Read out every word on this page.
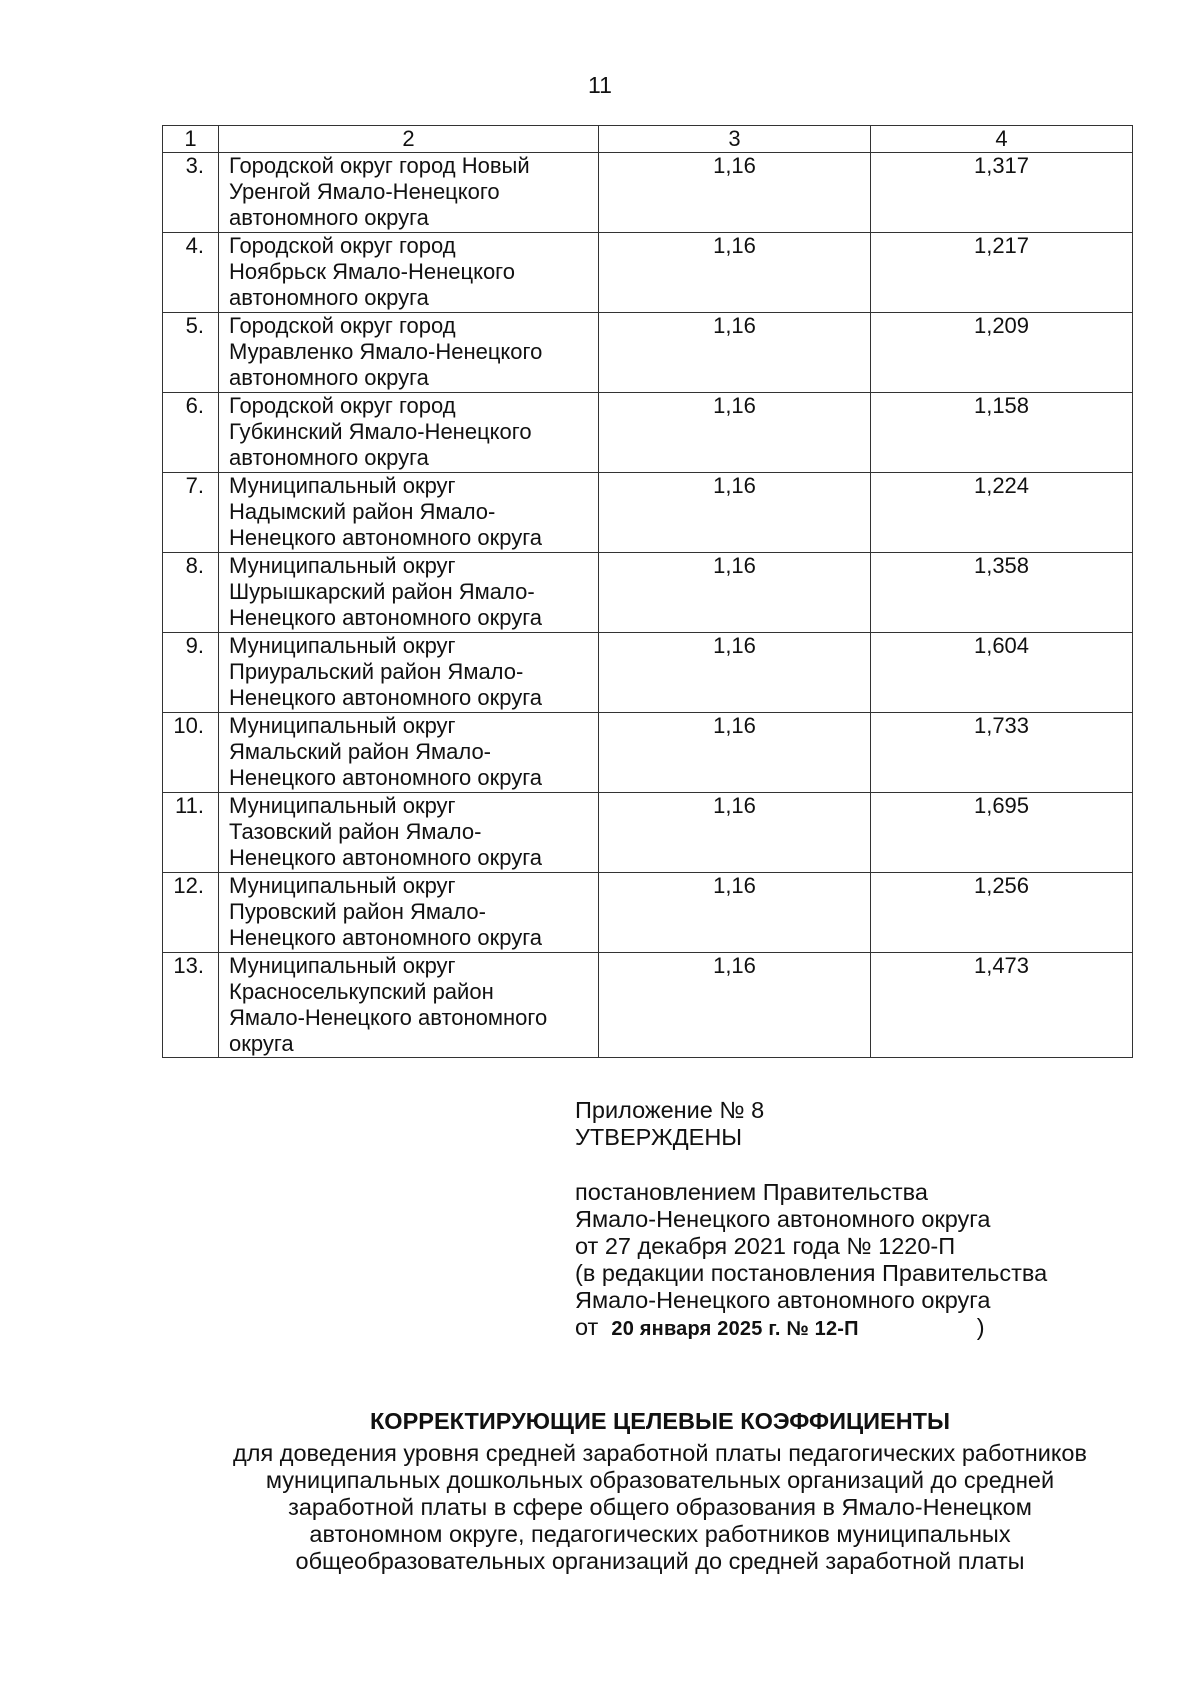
11
1	2	3	4
3.	Городской округ город Новый
Уренгой Ямало-Ненецкого
автономного округа	1,16	1,317
4.	Городской округ город
Ноябрьск Ямало-Ненецкого
автономного округа	1,16	1,217
5.	Городской округ город
Муравленко Ямало-Ненецкого
автономного округа	1,16	1,209
6.	Городской округ город
Губкинский Ямало-Ненецкого
автономного округа	1,16	1,158
7.	Муниципальный округ
Надымский район Ямало-
Ненецкого автономного округа	1,16	1,224
8.	Муниципальный округ
Шурышкарский район Ямало-
Ненецкого автономного округа	1,16	1,358
9.	Муниципальный округ
Приуральский район Ямало-
Ненецкого автономного округа	1,16	1,604
10.	Муниципальный округ
Ямальский район Ямало-
Ненецкого автономного округа	1,16	1,733
11.	Муниципальный округ
Тазовский район Ямало-
Ненецкого автономного округа	1,16	1,695
12.	Муниципальный округ
Пуровский район Ямало-
Ненецкого автономного округа	1,16	1,256
13.	Муниципальный округ
Красноселькупский район
Ямало-Ненецкого автономного
округа	1,16	1,473
Приложение № 8
УТВЕРЖДЕНЫ
постановлением Правительства
Ямало-Ненецкого автономного округа
от 27 декабря 2021 года № 1220-П
(в редакции постановления Правительства
Ямало-Ненецкого автономного округа
от 20 января 2025 г. № 12-П	)
КОРРЕКТИРУЮЩИЕ ЦЕЛЕВЫЕ КОЭФФИЦИЕНТЫ
для доведения уровня средней заработной платы педагогических работников
муниципальных дошкольных образовательных организаций до средней
заработной платы в сфере общего образования в Ямало-Ненецком
автономном округе, педагогических работников муниципальных
общеобразовательных организаций до средней заработной платы
